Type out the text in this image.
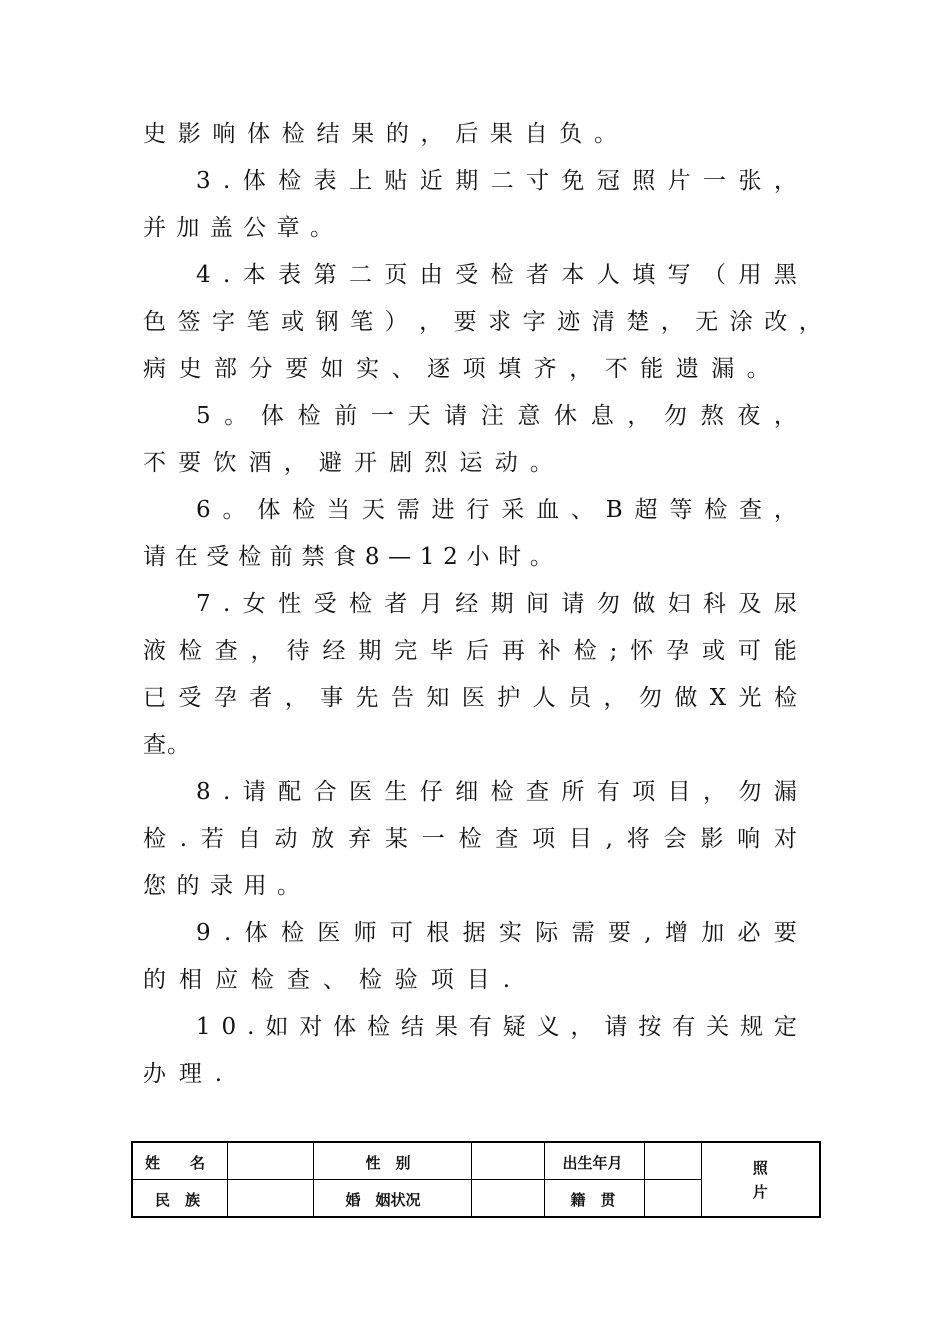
史 影 响 体 检 结 果 的 ， 后 果 自 负 。
3 . 体 检 表 上 贴 近 期 二 寸 免 冠 照 片 一 张 ，
并 加 盖 公 章 。
4 . 本 表 第 二 页 由 受 检 者 本 人 填 写 （ 用 黑
色 签 字 笔 或 钢 笔 ） ， 要 求 字 迹 清 楚 ， 无 涂 改 ，
病 史 部 分 要 如 实 、 逐 项 填 齐 ， 不 能 遗 漏 。
5 。 体 检 前 一 天 请 注 意 休 息 ， 勿 熬 夜 ，
不 要 饮 酒 ， 避 开 剧 烈 运 动 。
6 。 体 检 当 天 需 进 行 采 血 、 B 超 等 检 查 ，
请 在 受 检 前 禁 食 8 — 1 2 小 时 。
7 . 女 性 受 检 者 月 经 期 间 请 勿 做 妇 科 及 尿
液 检 查 ， 待 经 期 完 毕 后 再 补 检 ; 怀 孕 或 可 能
已 受 孕 者 ， 事 先 告 知 医 护 人 员 ， 勿 做 X 光 检
查 。
8 . 请 配 合 医 生 仔 细 检 查 所 有 项 目 ， 勿 漏
检 . 若 自 动 放 弃 某 一 检 查 项 目 , 将 会 影 响 对
您 的 录 用 。
9 . 体 检 医 师 可 根 据 实 际 需 要 , 增 加 必 要
的 相 应 检 查 、 检 验 项 目 .
1 0 . 如 对 体 检 结 果 有 疑 义 ， 请 按 有 关 规 定
办 理 .
姓　　名		性　别		出生年月		照
片

民　族		婚　姻状况		籍　贯		
